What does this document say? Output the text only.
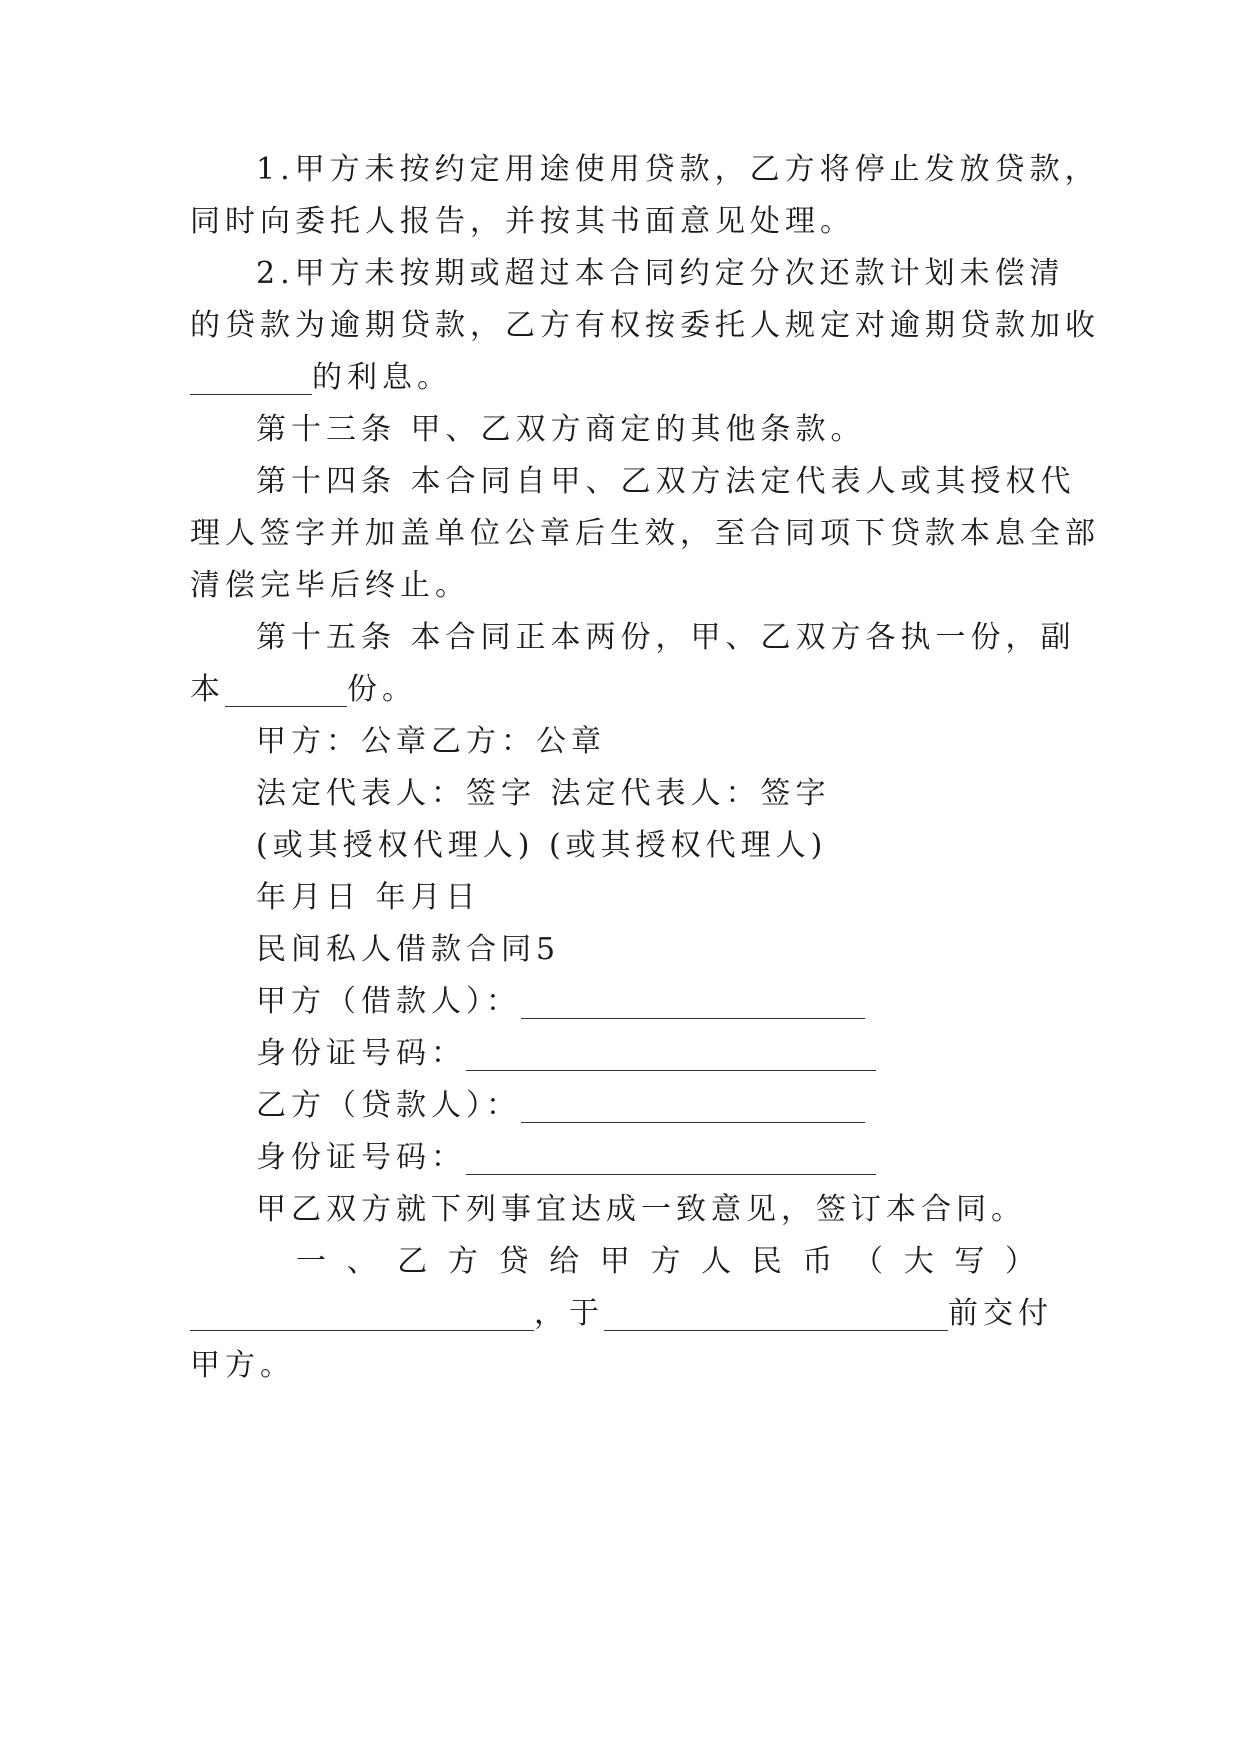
1.甲方未按约定用途使用贷款，乙方将停止发放贷款，
同时向委托人报告，并按其书面意见处理。
2.甲方未按期或超过本合同约定分次还款计划未偿清
的贷款为逾期贷款，乙方有权按委托人规定对逾期贷款加收
的利息。
第十三条 甲、乙双方商定的其他条款。
第十四条 本合同自甲、乙双方法定代表人或其授权代
理人签字并加盖单位公章后生效，至合同项下贷款本息全部
清偿完毕后终止。
第十五条 本合同正本两份，甲、乙双方各执一份，副
本	份。
甲方：公章乙方：公章
法定代表人：签字 法定代表人：签字
(或其授权代理人) (或其授权代理人)
年月日 年月日
民间私人借款合同5
甲方（借款人）：
身份证号码：
乙方（贷款人）：
身份证号码：
甲乙双方就下列事宜达成一致意见，签订本合同。
一 、 乙 方 贷 给 甲 方 人 民 币 （ 大 写 ）
，于	前交付
甲方。
